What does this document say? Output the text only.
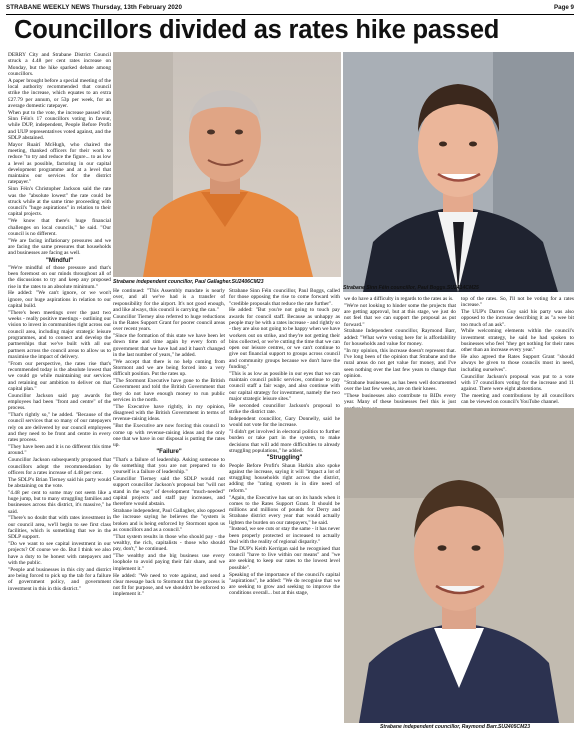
STRABANE WEEKLY NEWS Thursday, 13th February 2020	Page 9
Councillors divided as rates hike passed

DERRY City and Strabane District Council struck a 4.48 per cent rates increase on Monday, but the hike sparked debate among councillors.

A paper brought before a special meeting of the local authority recommended that council strike the increase, which equates to an extra £27.79 per annum, or 53p per week, for an average domestic ratepayer.

When put to the vote, the increase passed with Sinn Féin's 17 councillors voting in favour, while DUP, independent, People Before Profit and UUP representatives voted against, and the SDLP abstained.

Mayor Ruairí McHugh, who chaired the meeting, thanked officers for their work to reduce "to try and reduce the figure... to as low a level as possible, factoring in our capital development programme and at a level that maintains our services for the district ratepayer."

Sinn Féin's Christopher Jackson said the rate was the "absolute lowest" the rate could be struck while at the same time proceeding with council's "huge aspirations" in relation to their capital projects.

"We know that there's huge financial challenges on local councils," he said. "Our council is no different.

"We are facing inflationary pressures and we are facing the same pressures that households and businesses are facing as well.

"Mindful"

"We're mindful of those pressure and that's been foremost on our minds throughout all of the discussions to try and keep any proposed rise in the rates to an absolute minimum."

He added: "We can't ignore, or we won't ignore, our huge aspirations in relation to our capital build.

"There's been meetings over the past two weeks - really positive meetings - outlining our vision to invest in communities right across our council area, including major strategic leisure programmes, and to connect and develop the partnerships that we've built with all our partners across the council areas to allow us to maximise the impact of delivery.

"From our perspective, the rates rise that's recommended today is the absolute lowest that we could go while maintaining our services and retaining our ambition to deliver on that capital plan."

Councillor Jackson said pay awards for employees had been "front and centre" of the process.

"That's rightly so," he added. "Because of the council services that so many of our ratepayers rely on are delivered by our council employees and they need to be front and centre in every rates process.

"They have been and it is no different this time around."

Councillor Jackson subsequently proposed that councillors adopt the recommendation by officers for a rates increase of 4.48 per cent.

The SDLP's Brian Tierney said his party would be abstaining on the vote.

"4.48 per cent to some may not seem like a huge jump, but to many struggling families and businesses across this district, it's massive," he said.

"There's no doubt that with rates investment in our council area, we'll begin to see first class facilities, which is something that we in the SDLP support.

"Do we want to see capital investment in our projects? Of course we do. But I think we also have a duty to be honest with ratepayers and with the public.

"People and businesses in this city and district are being forced to pick up the tab for a failure of government policy, and government investment in this in this district."

Strabane independent councillor, Paul Gallagher.SU2406CM23
Strabane Sinn Féin councillor, Paul Boggs.SU2414CM25

He continued: "This Assembly mandate is nearly over, and all we've had is a transfer of responsibility for the airport. It's not good enough, and like always, this council is carrying the can."

Councillor Tierney also referred to huge reductions in the Rates Support Grant for poorer council areas over recent years.

"Since the formation of this state we have been let down time and time again by every form of government that we have had and it hasn't changed in the last number of years," he added.

"We accept that there is no help coming from Stormont and we are being forced into a very difficult position. Put the rates up.

"The Stormont Executive have gone to the British Government and told the British Government that they do not have enough money to run public services in the north.

"The Executive have rightly, in my opinion, disagreed with the British Government in terms of revenue-raising ideas.

"But the Executive are now forcing this council to come up with revenue-raising ideas and the only one that we have in our disposal is putting the rates up.

"Failure"

"That's a failure of leadership. Asking someone to do something that you are not prepared to do yourself is a failure of leadership."

Councillor Tierney said the SDLP would not support councillor Jackson's proposal but "will not stand in the way" of development "much-needed" capital projects and staff pay increases, and therefore would abstain.

Strabane independent, Paul Gallagher, also opposed the increase saying he believes the "system is broken and is being enforced by Stormont upon us as councillors and as a council."

"That system results in those who should pay - the wealthy, the rich, capitalists - those who should pay, don't," he continued.

"The wealthy and the big business use every loophole to avoid paying their fair share, and we implement it."

He added: "We need to vote against, and send a clear message back to Stormont that the process is not fit for purpose, and we shouldn't be enforced to implement it."

Strabane Sinn Féin councillor, Paul Boggs, called for those opposing the rise to come forward with "credible proposals that reduce the rate further".

He added: "But you're not going to touch pay awards for council staff. Because as unhappy as people may be with a rates increase - and rightly so - they are also not going to be happy when we have workers out on strike, and they're not getting their bins collected, or we're cutting the time that we can open our leisure centres, or we can't continue to give out financial support to groups across council and community groups because we don't have the funding."

"This is as low as possible in our eyes that we can maintain council public services, continue to pay council staff a fair wage, and also continue with our capital strategy for investment, namely the two major strategic leisure sites."

He seconded councillor Jackson's proposal to strike the district rate.

Independent councillor, Gary Donnelly, said he would not vote for the increase.

"I didn't get involved in electoral politics to further burden or take part in the system, to make decisions that will add more difficulties to already struggling populations," he added.

"Struggling"

People Before Profit's Shaun Harkin also spoke against the increase, saying it will "impact a lot of struggling households right across the district, adding the "rating system is in dire need of reform."

"Again, the Executive has sat on its hands when it comes to the Rates Support Grant. It should be millions and millions of pounds for Derry and Strabane district every year that would actually lighten the burden on our ratepayers," he said.

"Instead, we see cuts or stay the same - it has never been properly protected or increased to actually deal with the reality of regional disparity."

The DUP's Keith Kerrigan said he recognised that council "have to live within our means" and "we are seeking to keep our rates to the lowest level possible".

Speaking of the importance of the council's capital "aspirations", he added: "We do recognise that we are seeking to grow and seeking to improve the conditions overall... but at this stage,

we do have a difficulty in regards to the rates as is.

"We're not looking to hinder some the projects that are getting approval, but at this stage, we just do not feel that we can support the proposal as put forward."

Strabane Independent councillor, Raymond Barr, added: "What we're voting here for is affordability for households and value for money.

"In my opinion, this increase doesn't represent that. I've long been of the opinion that Strabane and the rural areas do not get value for money, and I've seen nothing over the last few years to change that opinion.

"Strabane businesses, as has been well documented over the last few weeks, are on their knees.

"These businesses also contribute to BIDs every year. Many of these businesses feel this is just

top of the rates. So, I'll not be voting for a rates increase."

The UUP's Darren Guy said his party was also opposed to the increase describing it as "a wee bit too much of an ask".

While welcoming elements within the council's investment strategy, he said he had spoken to businesses who feel "they get nothing for their rates other than an increase every year."

He also agreed the Rates Support Grant "should always be given to those councils most in need, including ourselves".

Councillor Jackson's proposal was put to a vote with 17 councillors voting for the increase and 11 against. There were eight abstentions.

The meeting and contributions by all councillors can be viewed on council's YouTube channel.

Strabane independent councillor, Raymond Barr.SU2405CM23
